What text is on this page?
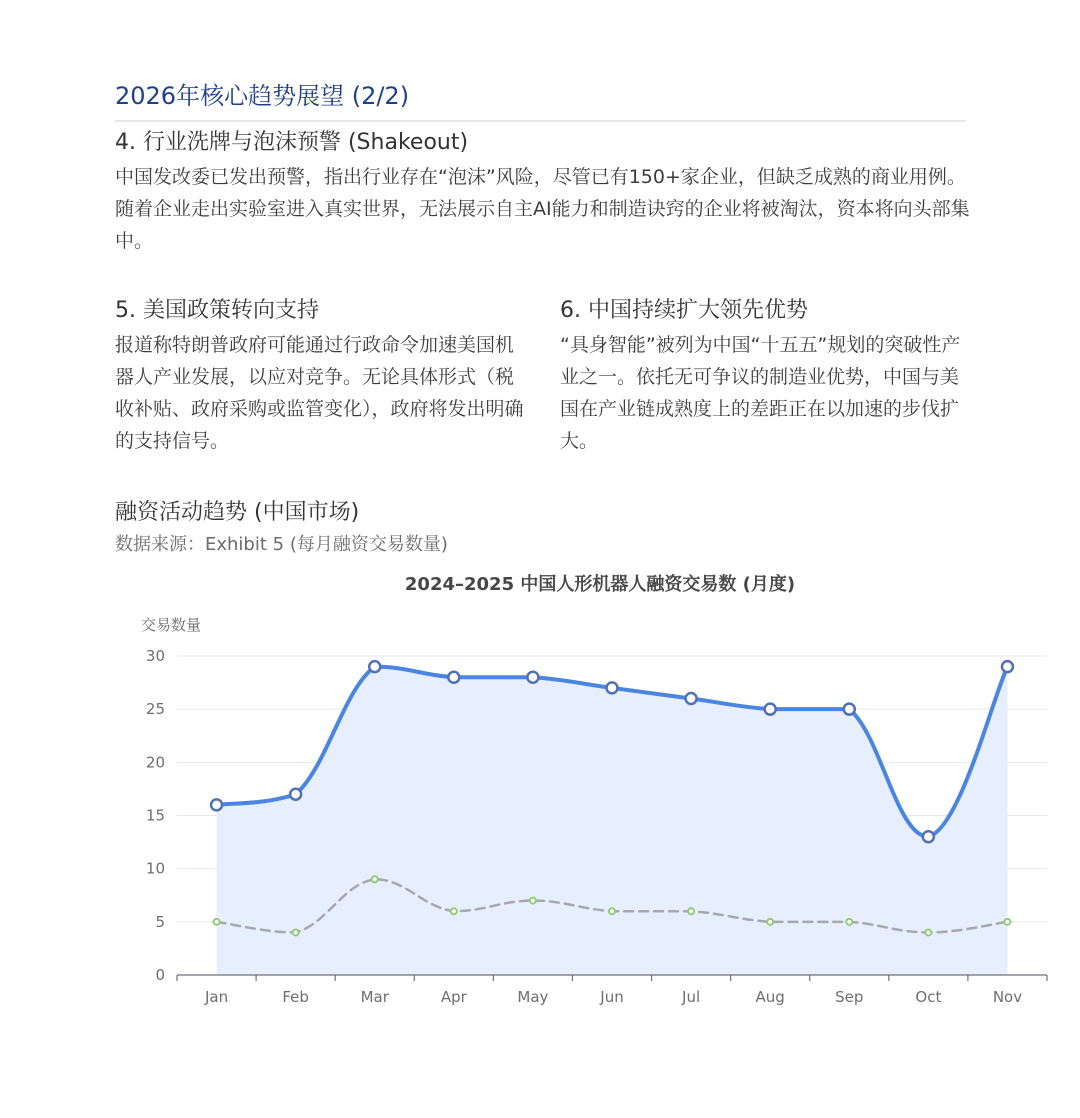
2026年核心趋势展望 (2/2)
4. 行业洗牌与泡沫预警 (Shakeout)
中国发改委已发出预警，指出行业存在“泡沫”风险，尽管已有150+家企业，但缺乏成熟的商业用例。随着企业走出实验室进入真实世界，无法展示自主AI能力和制造诀窍的企业将被淘汰，资本将向头部集中。
5. 美国政策转向支持
报道称特朗普政府可能通过行政命令加速美国机器人产业发展，以应对竞争。无论具体形式（税收补贴、政府采购或监管变化），政府将发出明确的支持信号。
6. 中国持续扩大领先优势
“具身智能”被列为中国“十五五”规划的突破性产业之一。依托无可争议的制造业优势，中国与美国在产业链成熟度上的差距正在以加速的步伐扩大。
融资活动趋势 (中国市场)
数据来源：Exhibit 5 (每月融资交易数量)
2024–2025 中国人形机器人融资交易数 (月度)
交易数量
0
5
10
15
20
25
30
Jan	Feb	Mar	Apr	May	Jun	Jul	Aug	Sep	Oct	Nov
